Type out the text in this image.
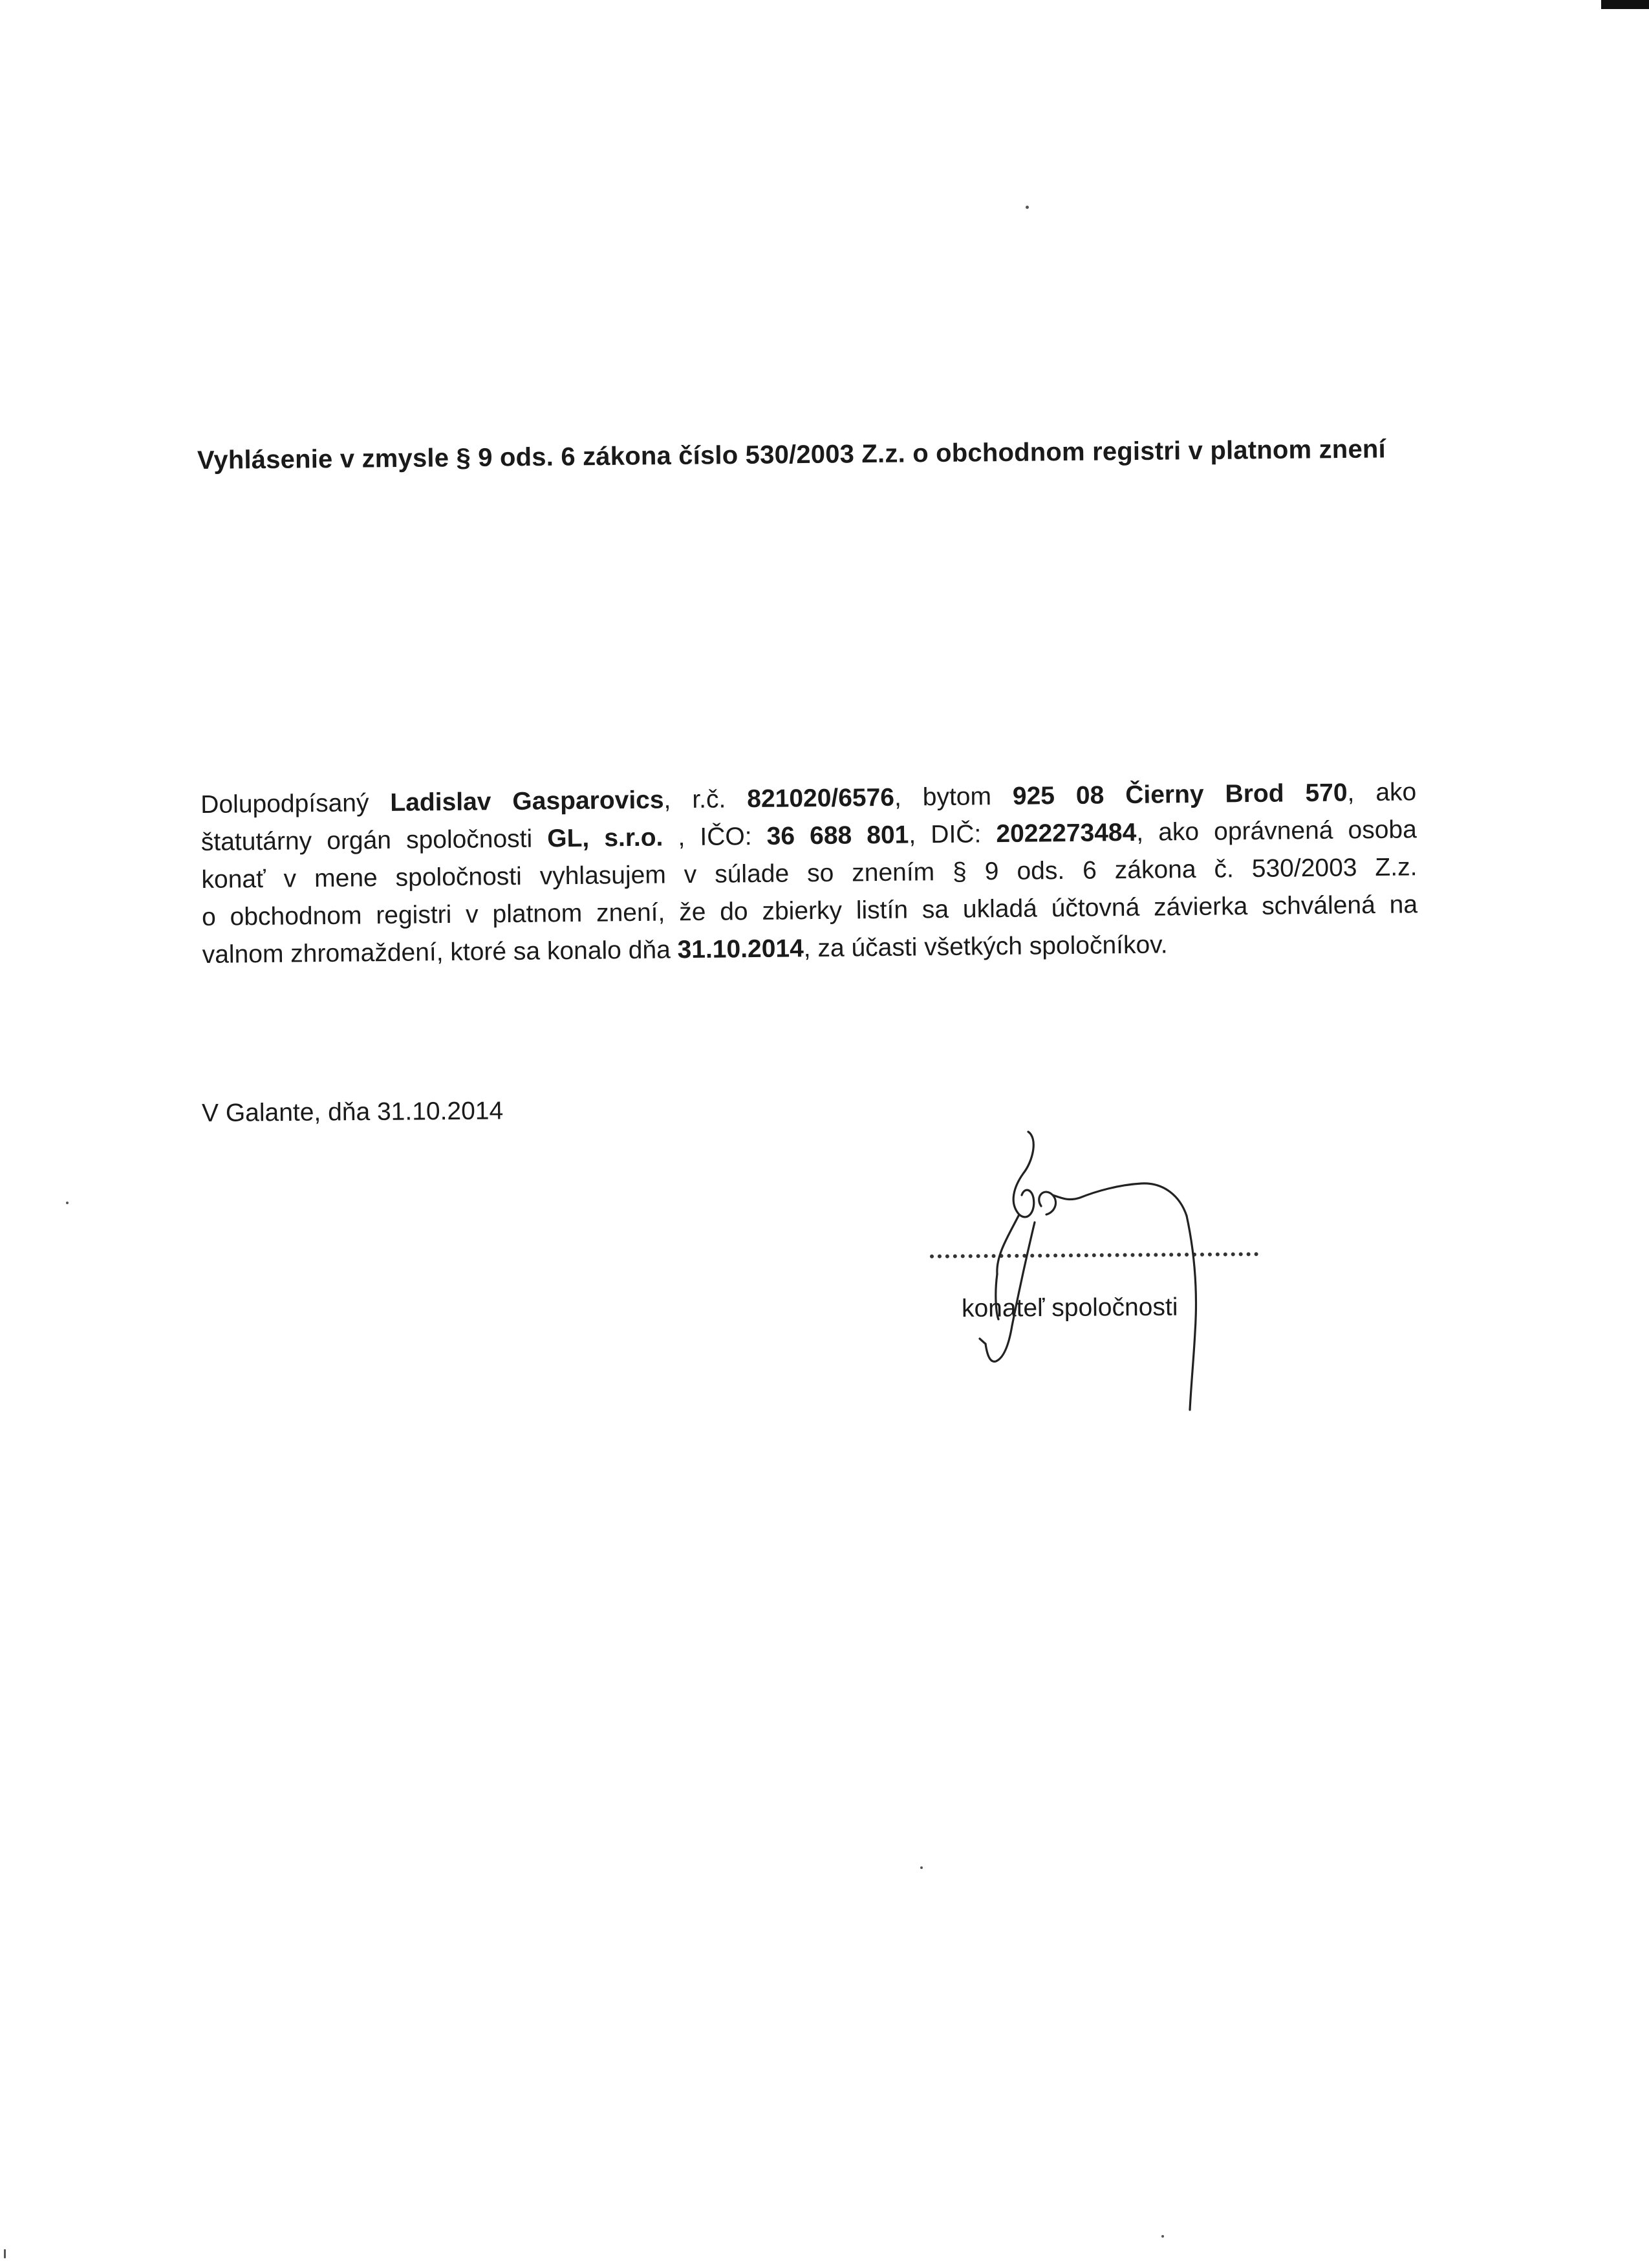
Vyhlásenie v zmysle § 9 ods. 6 zákona číslo 530/2003 Z.z. o obchodnom registri v platnom znení
Dolupodpísaný Ladislav Gasparovics, r.č. 821020/6576, bytom 925 08 Čierny Brod 570, ako
štatutárny orgán spoločnosti GL, s.r.o. , IČO: 36 688 801, DIČ: 2022273484, ako oprávnená osoba
konať v mene spoločnosti vyhlasujem v súlade so znením § 9 ods. 6 zákona č. 530/2003 Z.z.
o obchodnom registri v platnom znení, že do zbierky listín sa ukladá účtovná závierka schválená na
valnom zhromaždení, ktoré sa konalo dňa 31.10.2014, za účasti všetkých spoločníkov.
V Galante, dňa 31.10.2014
konateľ spoločnosti
